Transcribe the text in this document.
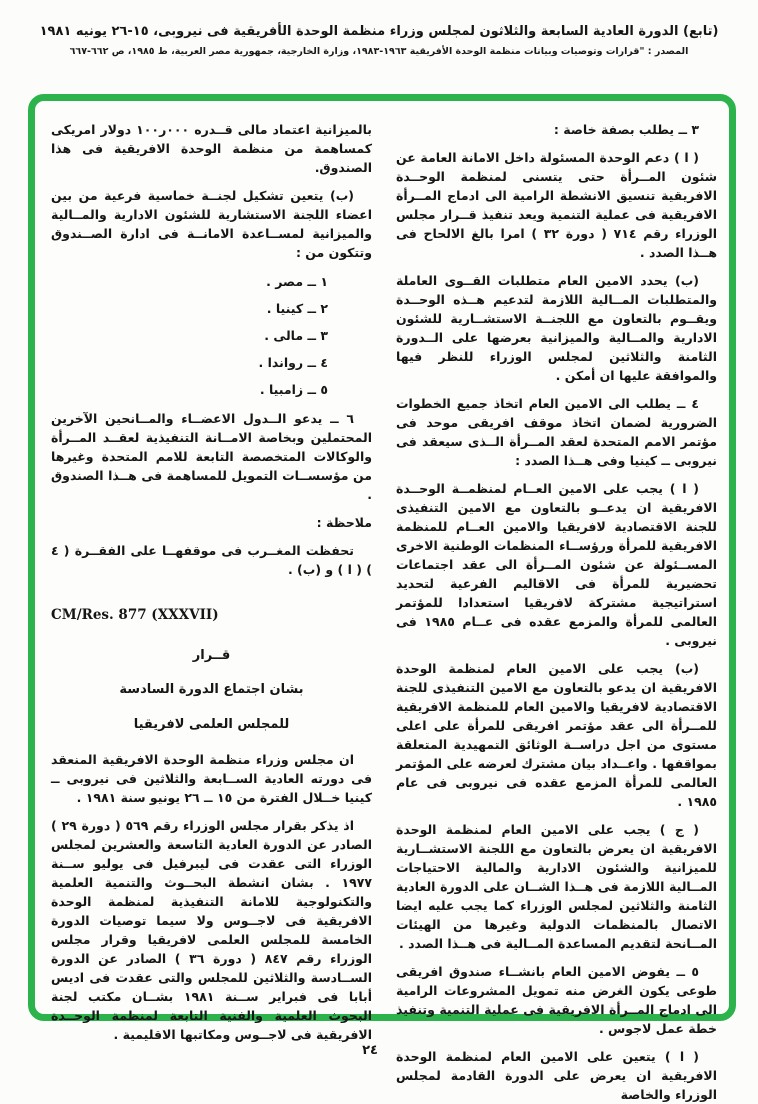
(تابع) الدورة العادية السابعة والثلاثون لمجلس وزراء منظمة الوحدة الأفريقية فى نيروبى، ١٥-٢٦ يونيه ١٩٨١
المصدر : "قرارات وتوصيات وبيانات منظمة الوحدة الأفريقية ١٩٦٣-١٩٨٣، وزارة الخارجية، جمهورية مصر العربية، ط ١٩٨٥، ص ٦٦٢-٦٦٧

٣ ــ يطلب بصفة خاصة :

( ا ) دعم الوحدة المسئولة داخل الامانة العامة عن شئون المــرأة حتى يتسنى لمنظمة الوحــدة الافريقية تنسيق الانشطة الرامية الى ادماج المــرأة الافريقية فى عملية التنمية ويعد تنفيذ قــرار مجلس الوزراء رقم ٧١٤ ( دورة ٣٢ ) امرا بالغ الالحاح فى هــذا الصدد .

(ب) يحدد الامين العام متطلبات القــوى العاملة والمتطلبات المــالية اللازمة لتدعيم هــذه الوحــدة ويقــوم بالتعاون مع اللجنــة الاستشــارية للشئون الادارية والمــالية والميزانية بعرضها على الــدورة الثامنة والثلاثين لمجلس الوزراء للنظر فيها والموافقة عليها ان أمكن .

٤ ــ يطلب الى الامين العام اتخاذ جميع الخطوات الضرورية لضمان اتخاذ موقف افريقى موحد فى مؤتمر الامم المتحدة لعقد المــرأة الــذى سيعقد فى نيروبى ــ كينيا وفى هــذا الصدد :

( ا ) يجب على الامين العــام لمنظمــة الوحــدة الافريقية ان يدعــو بالتعاون مع الامين التنفيذى للجنة الاقتصادية لافريقيا والامين العــام للمنظمة الافريقية للمرأة ورؤســاء المنظمات الوطنية الاخرى المســئولة عن شئون المــرأة الى عقد اجتماعات تحضيرية للمرأة فى الاقاليم الفرعية لتحديد استراتيجية مشتركة لافريقيا استعدادا للمؤتمر العالمى للمرأة والمزمع عقده فى عــام ١٩٨٥ فى نيروبى .

(ب) يجب على الامين العام لمنظمة الوحدة الافريقية ان يدعو بالتعاون مع الامين التنفيذى للجنة الاقتصادية لافريقيا والامين العام للمنظمة الافريقية للمــرأة الى عقد مؤتمر افريقى للمرأة على اعلى مستوى من اجل دراســة الوثائق التمهيدية المتعلقة بمواقفها . واعــداد بيان مشترك لعرضه على المؤتمر العالمى للمرأة المزمع عقده فى نيروبى فى عام ١٩٨٥ .

( ج ) يجب على الامين العام لمنظمة الوحدة الافريقية ان يعرض بالتعاون مع اللجنة الاستشــارية للميزانية والشئون الادارية والمالية الاحتياجات المــالية اللازمة فى هــذا الشــان على الدورة العادية الثامنة والثلاثين لمجلس الوزراء كما يجب عليه ايضا الاتصال بالمنظمات الدولية وغيرها من الهيئات المــانحة لتقديم المساعدة المــالية فى هــذا الصدد .

٥ ــ يفوض الامين العام بانشــاء صندوق افريقى طوعى يكون الغرض منه تمويل المشروعات الرامية الى ادماج المــرأة الافريقية فى عملية التنمية وتنفيذ خطة عمل لاجوس .

( ا ) يتعين على الامين العام لمنظمة الوحدة الافريقية ان يعرض على الدورة القادمة لمجلس الوزراء والخاصة

بالميزانية اعتماد مالى قــدره ٠٠٠ر١٠٠ دولار امريكى كمساهمة من منظمة الوحدة الافريقية فى هذا الصندوق.

(ب) يتعين تشكيل لجنــة خماسية فرعية من بين اعضاء اللجنة الاستشارية للشئون الادارية والمــالية والميزانية لمســاعدة الامانــة فى ادارة الصــندوق وتتكون من :

١ ــ مصر .
٢ ــ كينيا .
٣ ــ مالى .
٤ ــ رواندا .
٥ ــ زامبيا .

٦ ــ يدعو الــدول الاعضــاء والمــانحين الآخرين المحتملين وبخاصة الامــانة التنفيذية لعقــد المــرأة والوكالات المتخصصة التابعة للامم المتحدة وغيرها من مؤسســات التمويل للمساهمة فى هــذا الصندوق .

ملاحظة :

تحفظت المغــرب فى موقفهــا على الفقــرة ( ٤ ) ( ا ) و (ب) .

CM/Res. 877 (XXXVII)

قــرار

بشان اجتماع الدورة السادسة

للمجلس العلمى لافريقيا

ان مجلس وزراء منظمة الوحدة الافريقية المنعقد فى دورته العادية الســابعة والثلاثين فى نيروبى ــ كينيا خــلال الفترة من ١٥ ــ ٢٦ يونيو سنة ١٩٨١ .

اذ يذكر بقرار مجلس الوزراء رقم ٥٦٩ ( دورة ٢٩ ) الصادر عن الدورة العادية التاسعة والعشرين لمجلس الوزراء التى عقدت فى ليبرفيل فى يوليو ســنة ١٩٧٧ . بشان انشطة البحــوث والتنمية العلمية والتكنولوجية للامانة التنفيذية لمنظمة الوحدة الافريقية فى لاجــوس ولا سيما توصيات الدورة الخامسة للمجلس العلمى لافريقيا وقرار مجلس الوزراء رقم ٨٤٧ ( دورة ٣٦ ) الصادر عن الدورة الســادسة والثلاثين للمجلس والتى عقدت فى اديس أبابا فى فبراير ســنة ١٩٨١ بشــان مكتب لجنة البحوث العلمية والفنية التابعة لمنظمة الوحــدة الافريقية فى لاجــوس ومكاتبها الاقليمية .

٢٤
